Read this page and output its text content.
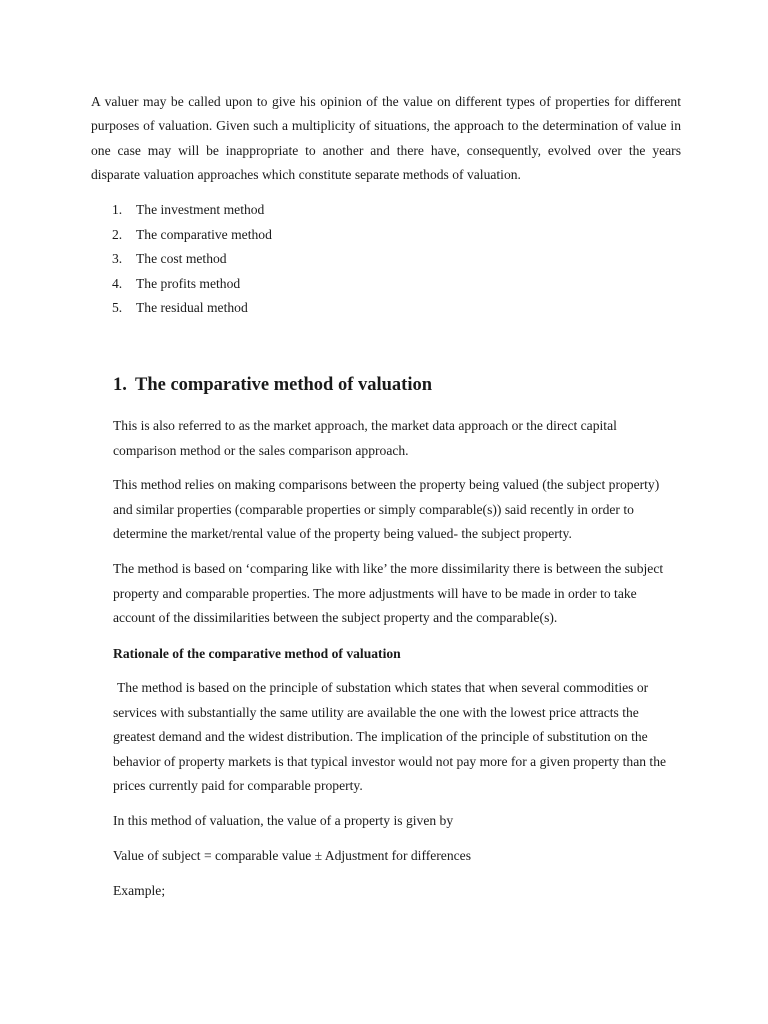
A valuer may be called upon to give his opinion of the value on different types of properties for different purposes of valuation. Given such a multiplicity of situations, the approach to the determination of value in one case may will be inappropriate to another and there have, consequently, evolved over the years disparate valuation approaches which constitute separate methods of valuation.

1. The investment method
2. The comparative method
3. The cost method
4. The profits method
5. The residual method
1. The comparative method of valuation

This is also referred to as the market approach, the market data approach or the direct capital comparison method or the sales comparison approach.

This method relies on making comparisons between the property being valued (the subject property) and similar properties (comparable properties or simply comparable(s)) said recently in order to determine the market/rental value of the property being valued- the subject property.

The method is based on ‘comparing like with like’ the more dissimilarity there is between the subject property and comparable properties. The more adjustments will have to be made in order to take account of the dissimilarities between the subject property and the comparable(s).

Rationale of the comparative method of valuation

The method is based on the principle of substation which states that when several commodities or services with substantially the same utility are available the one with the lowest price attracts the greatest demand and the widest distribution. The implication of the principle of substitution on the behavior of property markets is that typical investor would not pay more for a given property than the prices currently paid for comparable property.

In this method of valuation, the value of a property is given by

Value of subject = comparable value ± Adjustment for differences

Example;
